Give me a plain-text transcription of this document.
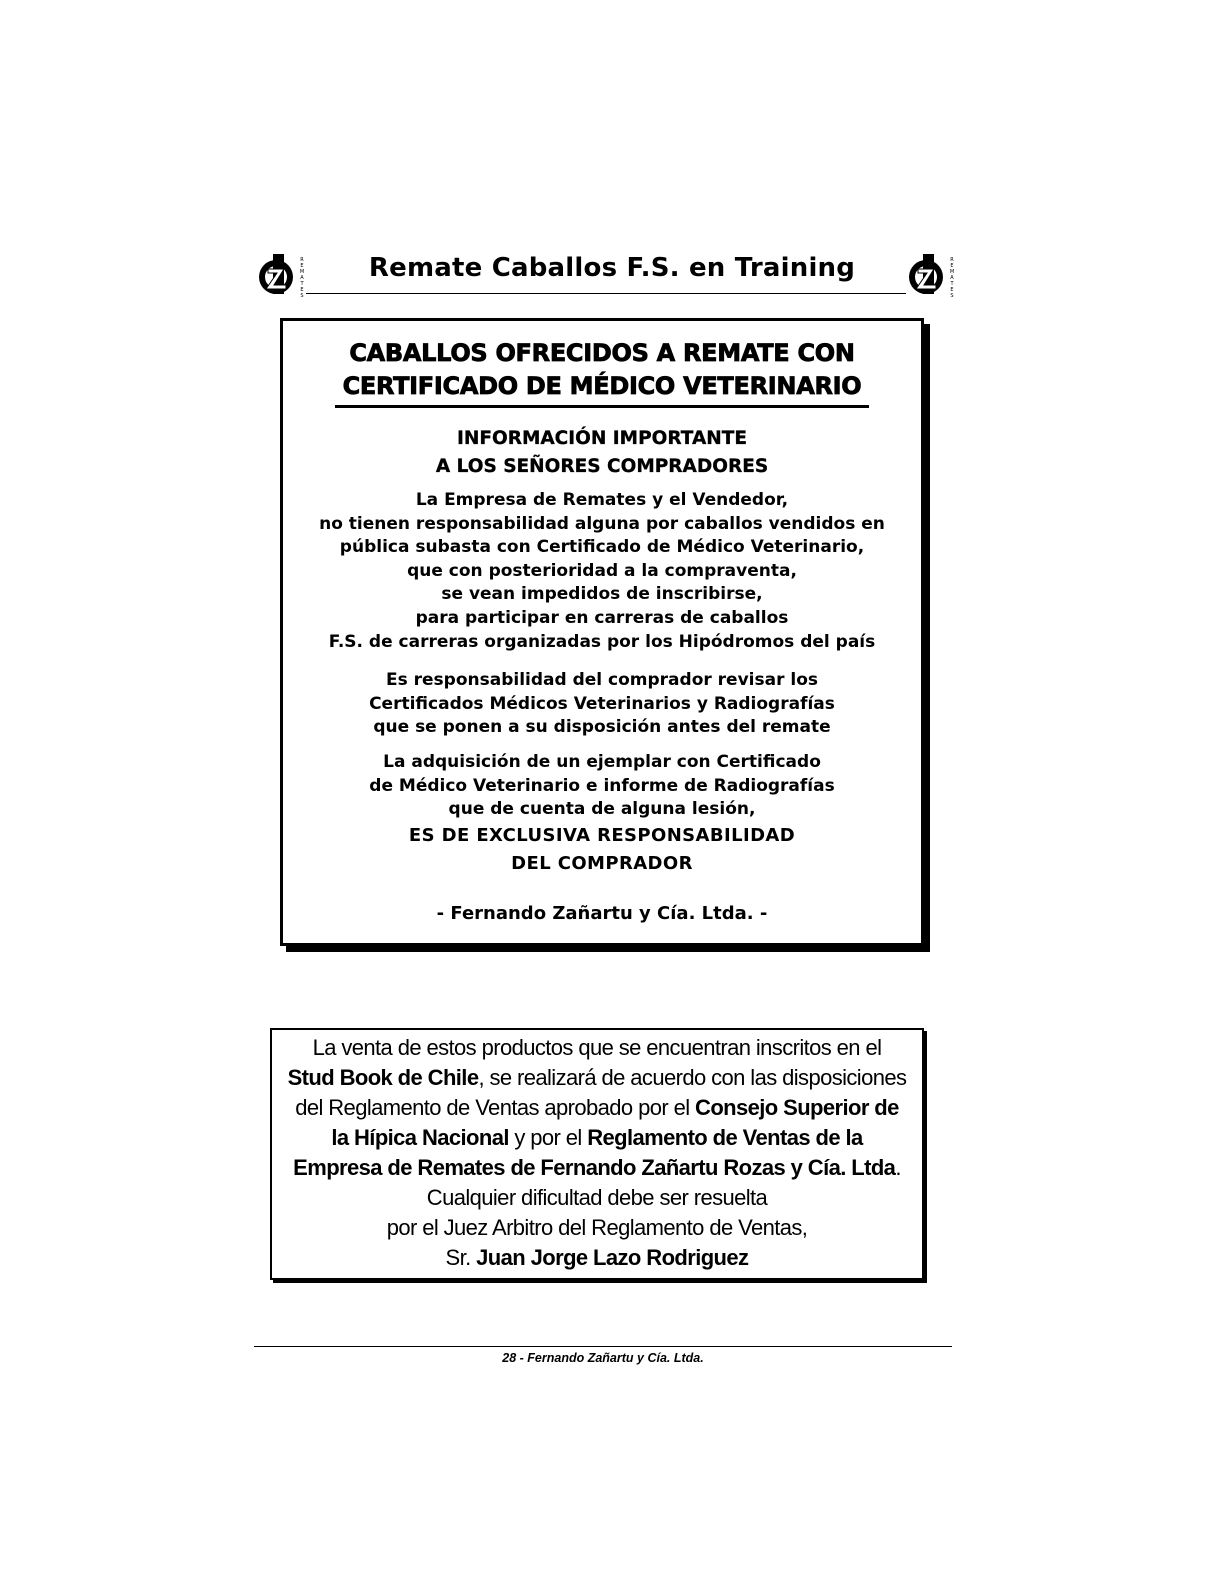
R
E
M
A
T
E
S
Remate Caballos F.S. en Training	R
E
M
A
T
E
S
CABALLOS OFRECIDOS A REMATE CON
CERTIFICADO DE MÉDICO VETERINARIO
INFORMACIÓN IMPORTANTE
A LOS SEÑORES COMPRADORES
La Empresa de Remates y el Vendedor,
no tienen responsabilidad alguna por caballos vendidos en
pública subasta con Certificado de Médico Veterinario,
que con posterioridad a la compraventa,
se vean impedidos de inscribirse,
para participar en carreras de caballos
F.S. de carreras organizadas por los Hipódromos del país
Es responsabilidad del comprador revisar los
Certificados Médicos Veterinarios y Radiografías
que se ponen a su disposición antes del remate
La adquisición de un ejemplar con Certificado
de Médico Veterinario e informe de Radiografías
que de cuenta de alguna lesión,
ES DE EXCLUSIVA RESPONSABILIDAD
DEL COMPRADOR
- Fernando Zañartu y Cía. Ltda. -
La venta de estos productos que se encuentran inscritos en el
Stud Book de Chile, se realizará de acuerdo con las disposiciones
del Reglamento de Ventas aprobado por el Consejo Superior de
la Hípica Nacional y por el Reglamento de Ventas de la
Empresa de Remates de Fernando Zañartu Rozas y Cía. Ltda.
Cualquier dificultad debe ser resuelta
por el Juez Arbitro del Reglamento de Ventas,
Sr. Juan Jorge Lazo Rodriguez
28 - Fernando Zañartu y Cía. Ltda.
